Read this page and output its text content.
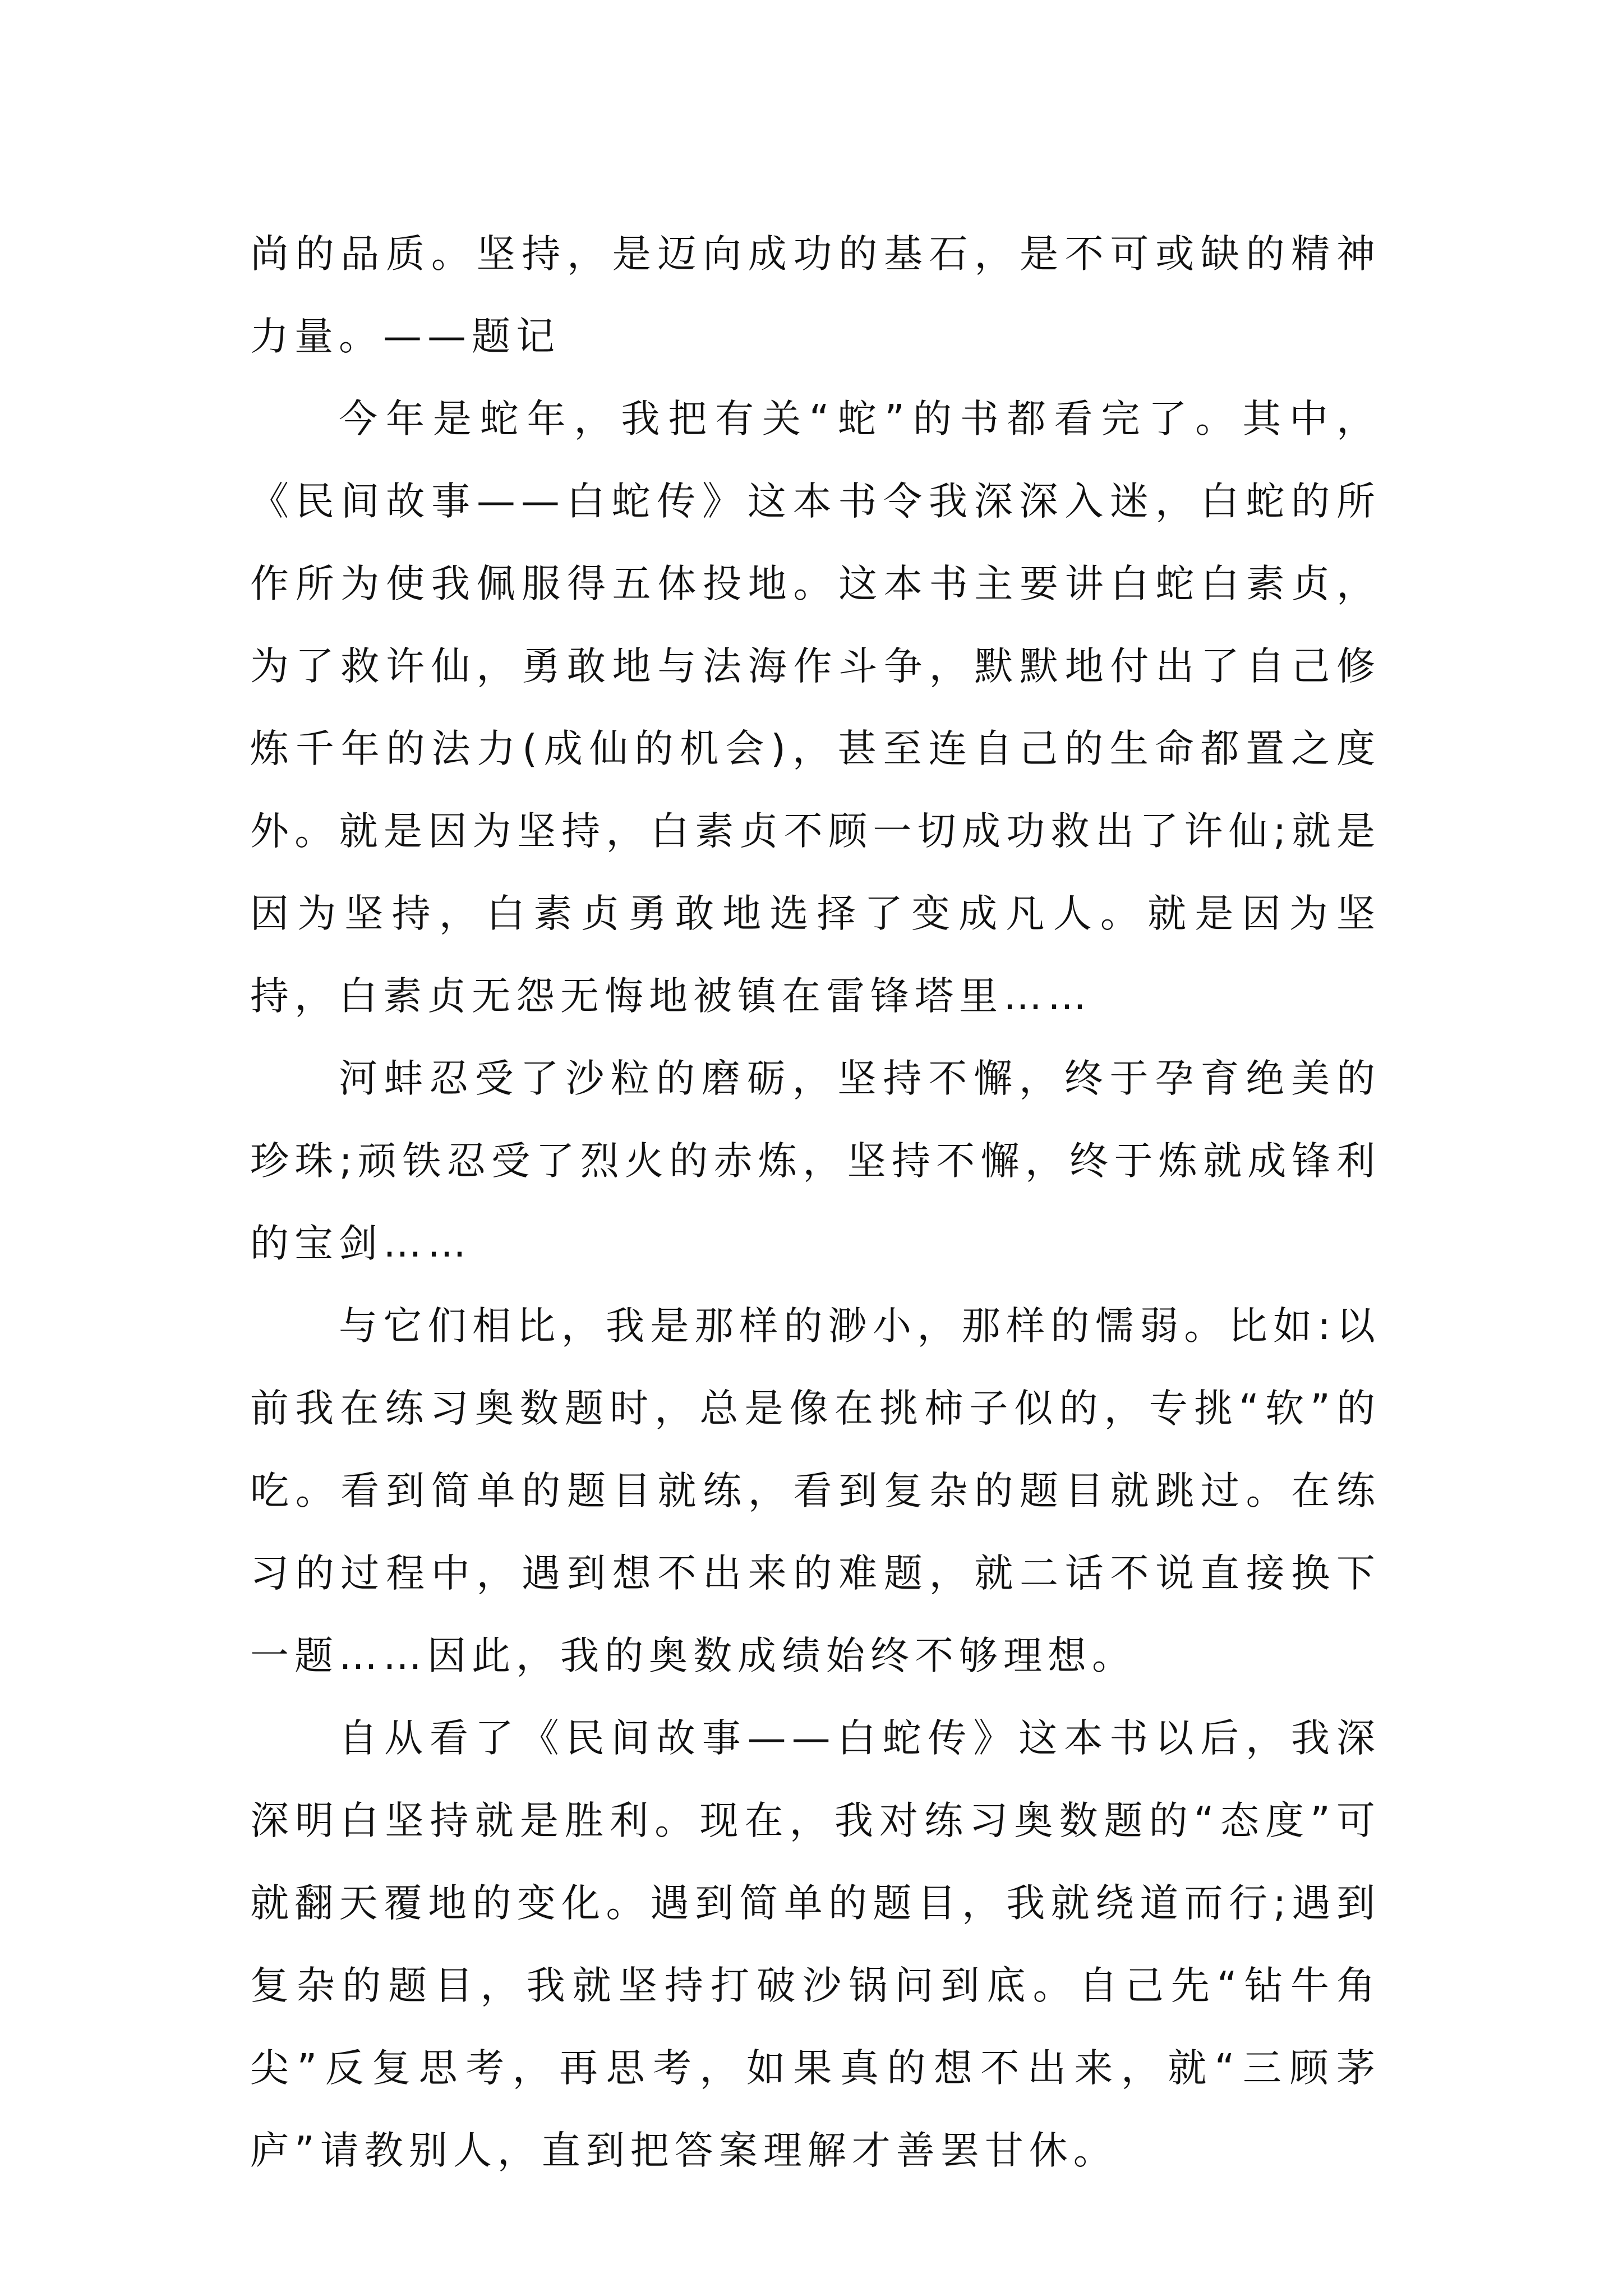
尚的品质。坚持，是迈向成功的基石，是不可或缺的精神力量。——题记

今年是蛇年，我把有关“蛇”的书都看完了。其中，《民间故事——白蛇传》这本书令我深深入迷，白蛇的所作所为使我佩服得五体投地。这本书主要讲白蛇白素贞，为了救许仙，勇敢地与法海作斗争，默默地付出了自己修炼千年的法力(成仙的机会)，甚至连自己的生命都置之度外。就是因为坚持，白素贞不顾一切成功救出了许仙;就是因为坚持，白素贞勇敢地选择了变成凡人。就是因为坚持，白素贞无怨无悔地被镇在雷锋塔里……

河蚌忍受了沙粒的磨砺，坚持不懈，终于孕育绝美的珍珠;顽铁忍受了烈火的赤炼，坚持不懈，终于炼就成锋利的宝剑……

与它们相比，我是那样的渺小，那样的懦弱。比如:以前我在练习奥数题时，总是像在挑柿子似的，专挑“软”的吃。看到简单的题目就练，看到复杂的题目就跳过。在练习的过程中，遇到想不出来的难题，就二话不说直接换下一题……因此，我的奥数成绩始终不够理想。

自从看了《民间故事——白蛇传》这本书以后，我深深明白坚持就是胜利。现在，我对练习奥数题的“态度”可就翻天覆地的变化。遇到简单的题目，我就绕道而行;遇到复杂的题目，我就坚持打破沙锅问到底。自己先“钻牛角尖”反复思考，再思考，如果真的想不出来，就“三顾茅庐”请教别人，直到把答案理解才善罢甘休。
